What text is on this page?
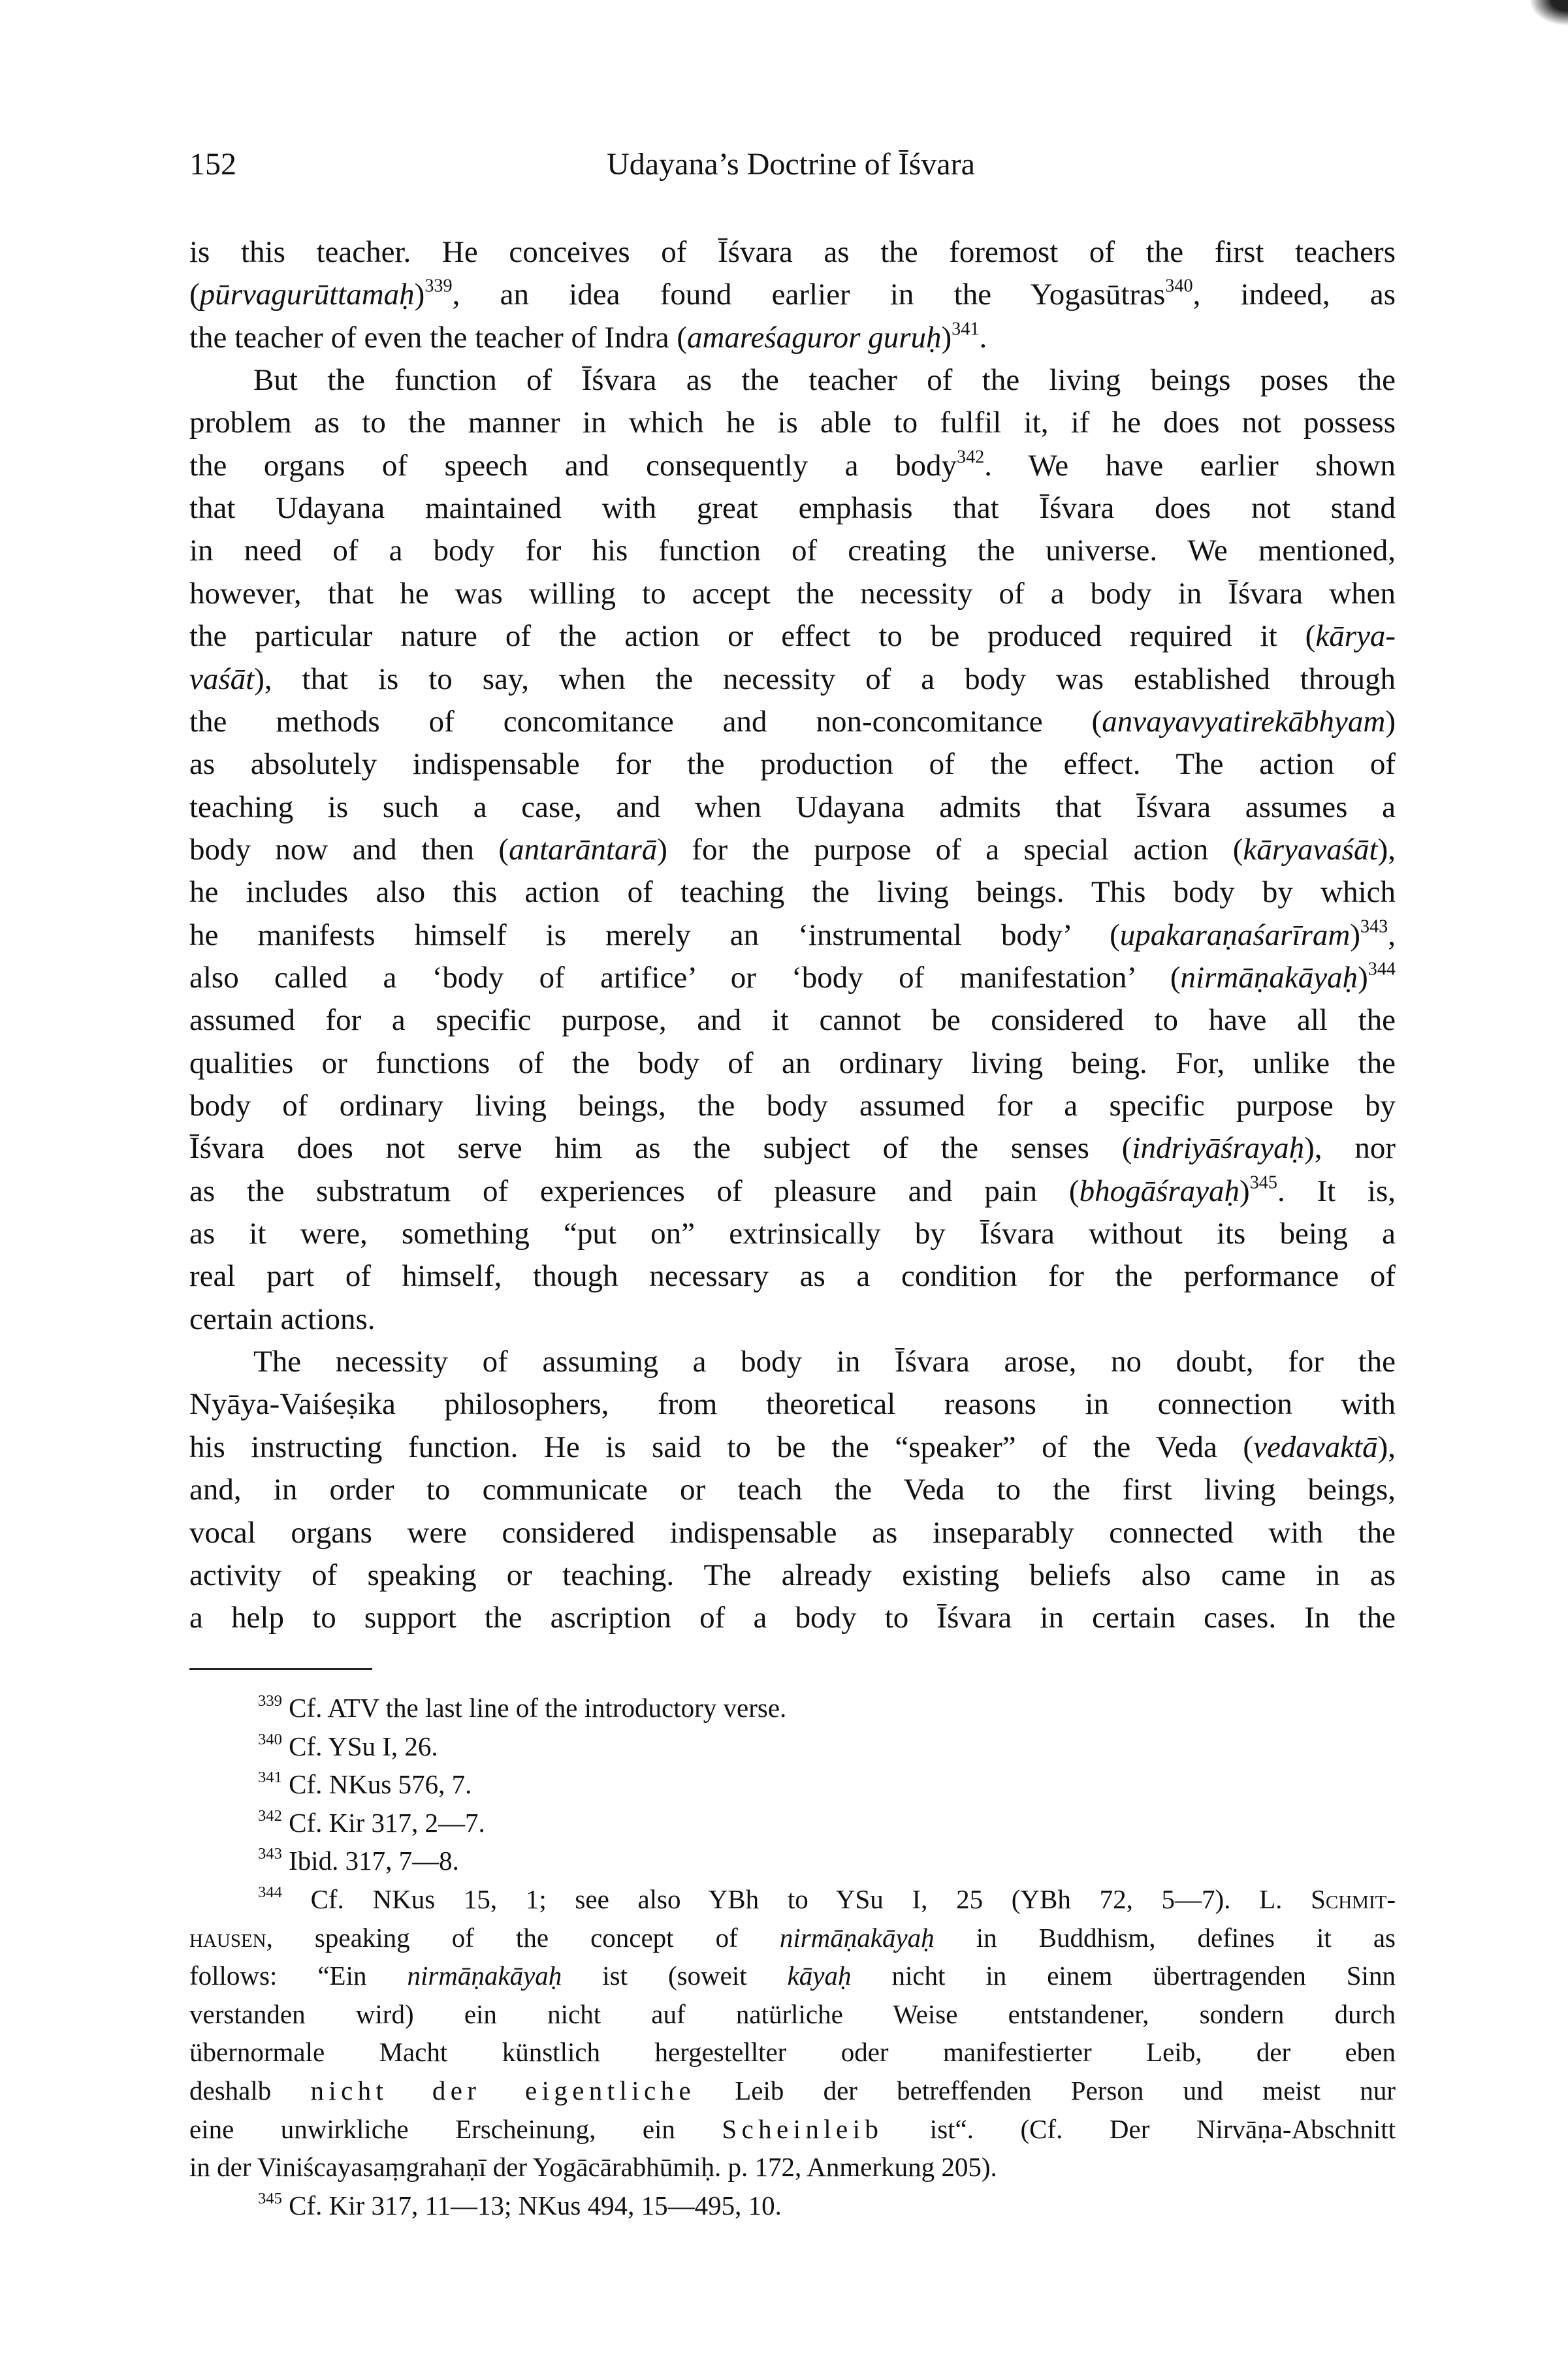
152	Udayana’s Doctrine of Īśvara
is this teacher. He conceives of Īśvara as the foremost of the first teachers
(pūrvagurūttamaḥ)$^{339}$, an idea found earlier in the Yogasūtras$^{340}$, indeed, as
the teacher of even the teacher of Indra (amareśaguror guruḥ)$^{341}$.
But the function of Īśvara as the teacher of the living beings poses the
problem as to the manner in which he is able to fulfil it, if he does not possess
the organs of speech and consequently a body$^{342}$. We have earlier shown
that Udayana maintained with great emphasis that Īśvara does not stand
in need of a body for his function of creating the universe. We mentioned,
however, that he was willing to accept the necessity of a body in Īśvara when
the particular nature of the action or effect to be produced required it (kārya-
vaśāt), that is to say, when the necessity of a body was established through
the methods of concomitance and non-concomitance (anvayavyatirekābhyam)
as absolutely indispensable for the production of the effect. The action of
teaching is such a case, and when Udayana admits that Īśvara assumes a
body now and then (antarāntarā) for the purpose of a special action (kāryavaśāt),
he includes also this action of teaching the living beings. This body by which
he manifests himself is merely an ‘instrumental body’ (upakaraṇaśarīram)$^{343}$,
also called a ‘body of artifice’ or ‘body of manifestation’ (nirmāṇakāyaḥ)$^{344}$
assumed for a specific purpose, and it cannot be considered to have all the
qualities or functions of the body of an ordinary living being. For, unlike the
body of ordinary living beings, the body assumed for a specific purpose by
Īśvara does not serve him as the subject of the senses (indriyāśrayaḥ), nor
as the substratum of experiences of pleasure and pain (bhogāśrayaḥ)$^{345}$. It is,
as it were, something “put on” extrinsically by Īśvara without its being a
real part of himself, though necessary as a condition for the performance of
certain actions.
The necessity of assuming a body in Īśvara arose, no doubt, for the
Nyāya-Vaiśeṣika philosophers, from theoretical reasons in connection with
his instructing function. He is said to be the “speaker” of the Veda (vedavaktā),
and, in order to communicate or teach the Veda to the first living beings,
vocal organs were considered indispensable as inseparably connected with the
activity of speaking or teaching. The already existing beliefs also came in as
a help to support the ascription of a body to Īśvara in certain cases. In the
$^{339}$ Cf. ATV the last line of the introductory verse.
$^{340}$ Cf. YSu I, 26.
$^{341}$ Cf. NKus 576, 7.
$^{342}$ Cf. Kir 317, 2—7.
$^{343}$ Ibid. 317, 7—8.
$^{344}$ Cf. NKus 15, 1; see also YBh to YSu I, 25 (YBh 72, 5—7). L. Schmit-
hausen, speaking of the concept of nirmāṇakāyaḥ in Buddhism, defines it as
follows: “Ein nirmāṇakāyaḥ ist (soweit kāyaḥ nicht in einem übertragenden Sinn
verstanden wird) ein nicht auf natürliche Weise entstandener, sondern durch
übernormale Macht künstlich hergestellter oder manifestierter Leib, der eben
deshalb nicht der eigentliche Leib der betreffenden Person und meist nur
eine unwirkliche Erscheinung, ein Scheinleib ist“. (Cf. Der Nirvāṇa-Abschnitt
in der Viniścayasaṃgrahaṇī der Yogācārabhūmiḥ. p. 172, Anmerkung 205).
$^{345}$ Cf. Kir 317, 11—13; NKus 494, 15—495, 10.
